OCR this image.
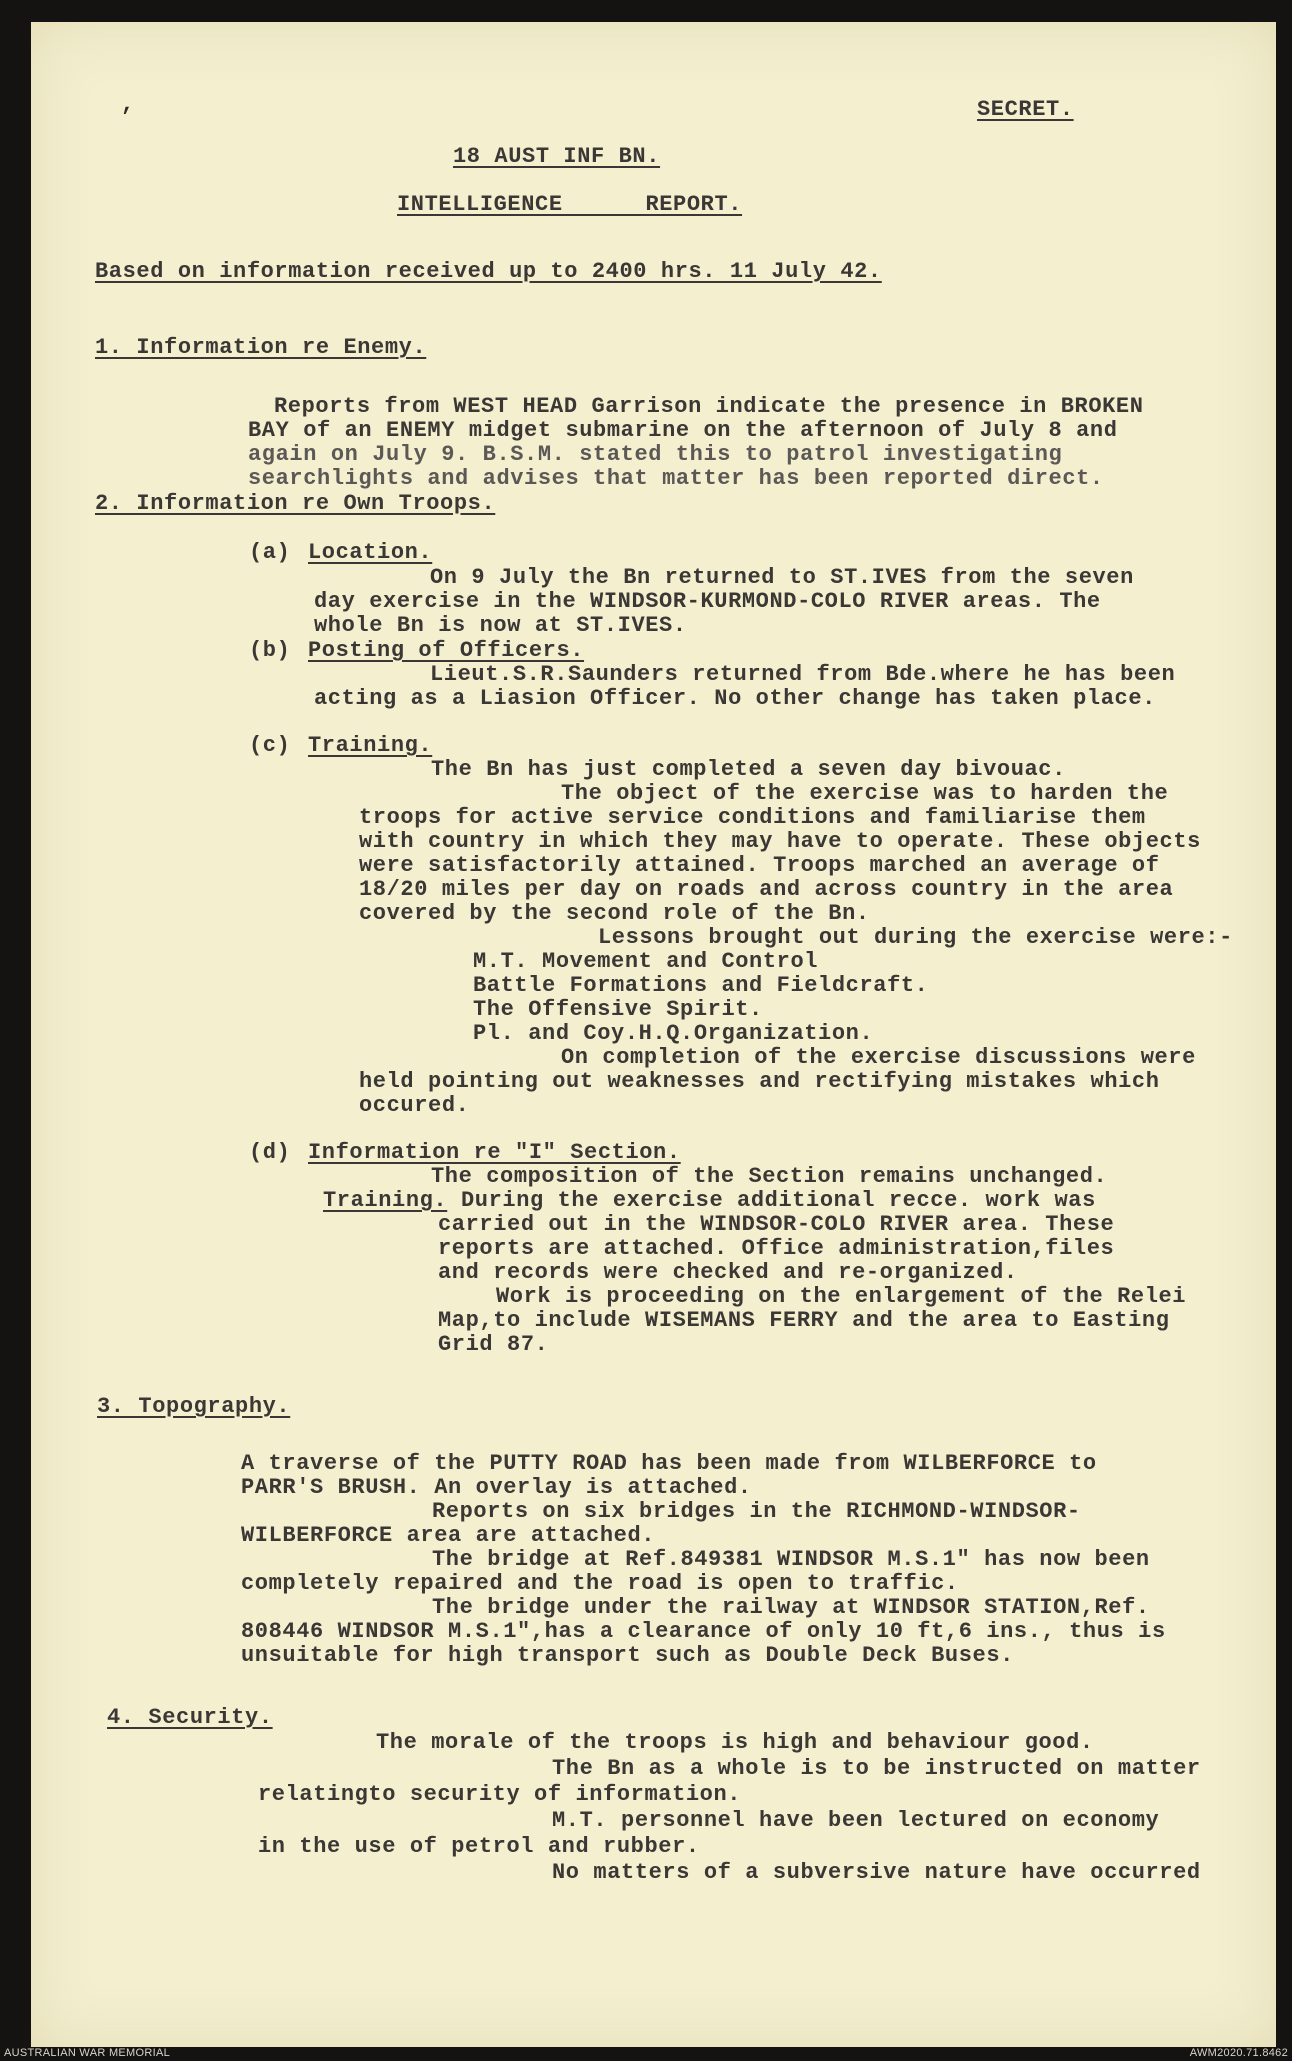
,	SECRET.
18 AUST INF BN.
INTELLIGENCE      REPORT.
Based on information received up to 2400 hrs. 11 July 42.
1. Information re Enemy.
Reports from WEST HEAD Garrison indicate the presence in BROKEN
BAY of an ENEMY midget submarine on the afternoon of July 8 and
again on July 9. B.S.M. stated this to patrol investigating
searchlights and advises that matter has been reported direct.
2. Information re Own Troops.
(a) Location.
On 9 July the Bn returned to ST.IVES from the seven
day exercise in the WINDSOR-KURMOND-COLO RIVER areas. The
whole Bn is now at ST.IVES.
(b) Posting of Officers.
Lieut.S.R.Saunders returned from Bde.where he has been
acting as a Liasion Officer. No other change has taken place.
(c) Training.
The Bn has just completed a seven day bivouac.
The object of the exercise was to harden the
troops for active service conditions and familiarise them
with country in which they may have to operate. These objects
were satisfactorily attained. Troops marched an average of
18/20 miles per day on roads and across country in the area
covered by the second role of the Bn.
Lessons brought out during the exercise were:-
M.T. Movement and Control
Battle Formations and Fieldcraft.
The Offensive Spirit.
Pl. and Coy.H.Q.Organization.
On completion of the exercise discussions were
held pointing out weaknesses and rectifying mistakes which
occured.
(d) Information re "I" Section.
The composition of the Section remains unchanged.
Training. During the exercise additional recce. work was
carried out in the WINDSOR-COLO RIVER area. These
reports are attached. Office administration,files
and records were checked and re-organized.
Work is proceeding on the enlargement of the Relei
Map,to include WISEMANS FERRY and the area to Easting
Grid 87.
3. Topography.
A traverse of the PUTTY ROAD has been made from WILBERFORCE to
PARR'S BRUSH. An overlay is attached.
Reports on six bridges in the RICHMOND-WINDSOR-
WILBERFORCE area are attached.
The bridge at Ref.849381 WINDSOR M.S.1" has now been
completely repaired and the road is open to traffic.
The bridge under the railway at WINDSOR STATION,Ref.
808446 WINDSOR M.S.1",has a clearance of only 10 ft,6 ins., thus is
unsuitable for high transport such as Double Deck Buses.
4. Security.
The morale of the troops is high and behaviour good.
The Bn as a whole is to be instructed on matter
relatingto security of information.
M.T. personnel have been lectured on economy
in the use of petrol and rubber.
No matters of a subversive nature have occurred
AUSTRALIAN WAR MEMORIAL	AWM2020.71.8462
